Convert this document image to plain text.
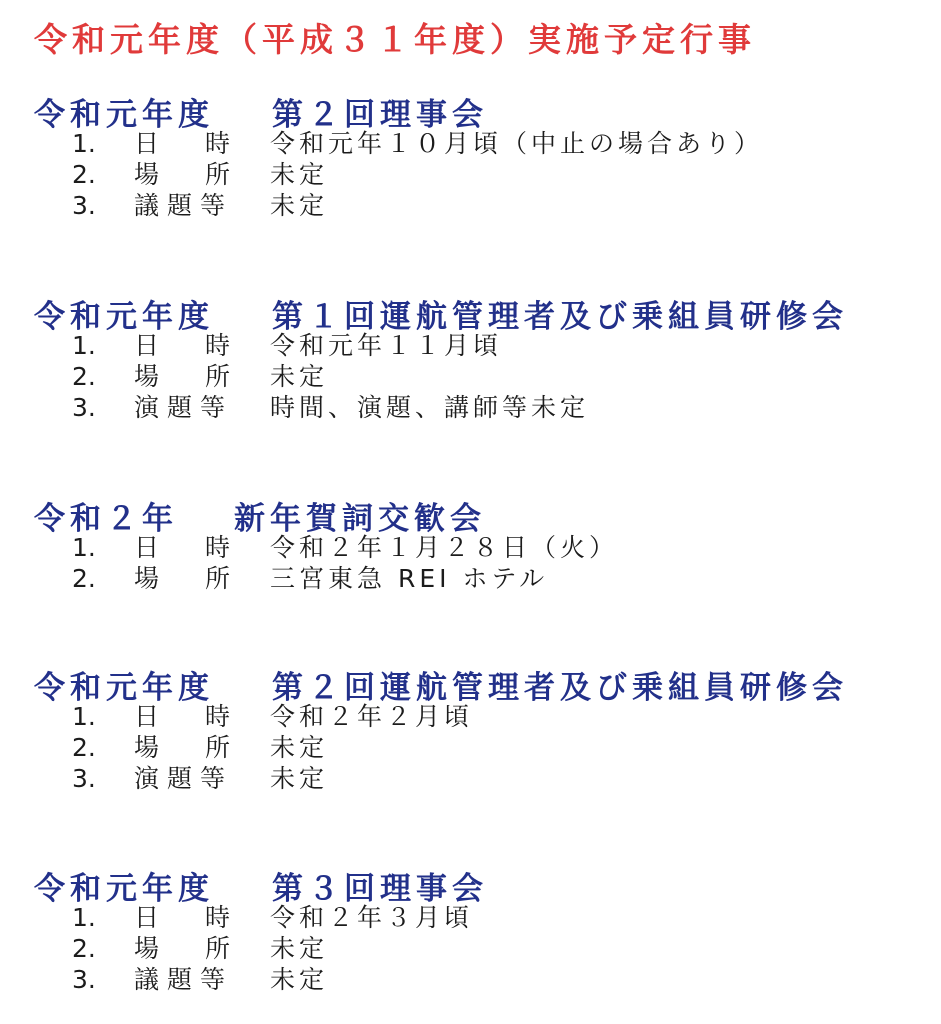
令和元年度（平成３１年度）実施予定行事
令和元年度 第２回理事会
1.	日 時 令和元年１０月頃（中止の場合あり）
2.	場 所 未定
3.	議題等 未定
令和元年度 第１回運航管理者及び乗組員研修会
1.	日 時 令和元年１１月頃
2.	場 所 未定
3.	演題等 時間、演題、講師等未定
令和２年 新年賀詞交歓会
1.	日 時 令和２年１月２８日（火）
2.	場 所 三宮東急 REI ホテル
令和元年度 第２回運航管理者及び乗組員研修会
1.	日 時 令和２年２月頃
2.	場 所 未定
3.	演題等 未定
令和元年度 第３回理事会
1.	日 時 令和２年３月頃
2.	場 所 未定
3.	議題等 未定
